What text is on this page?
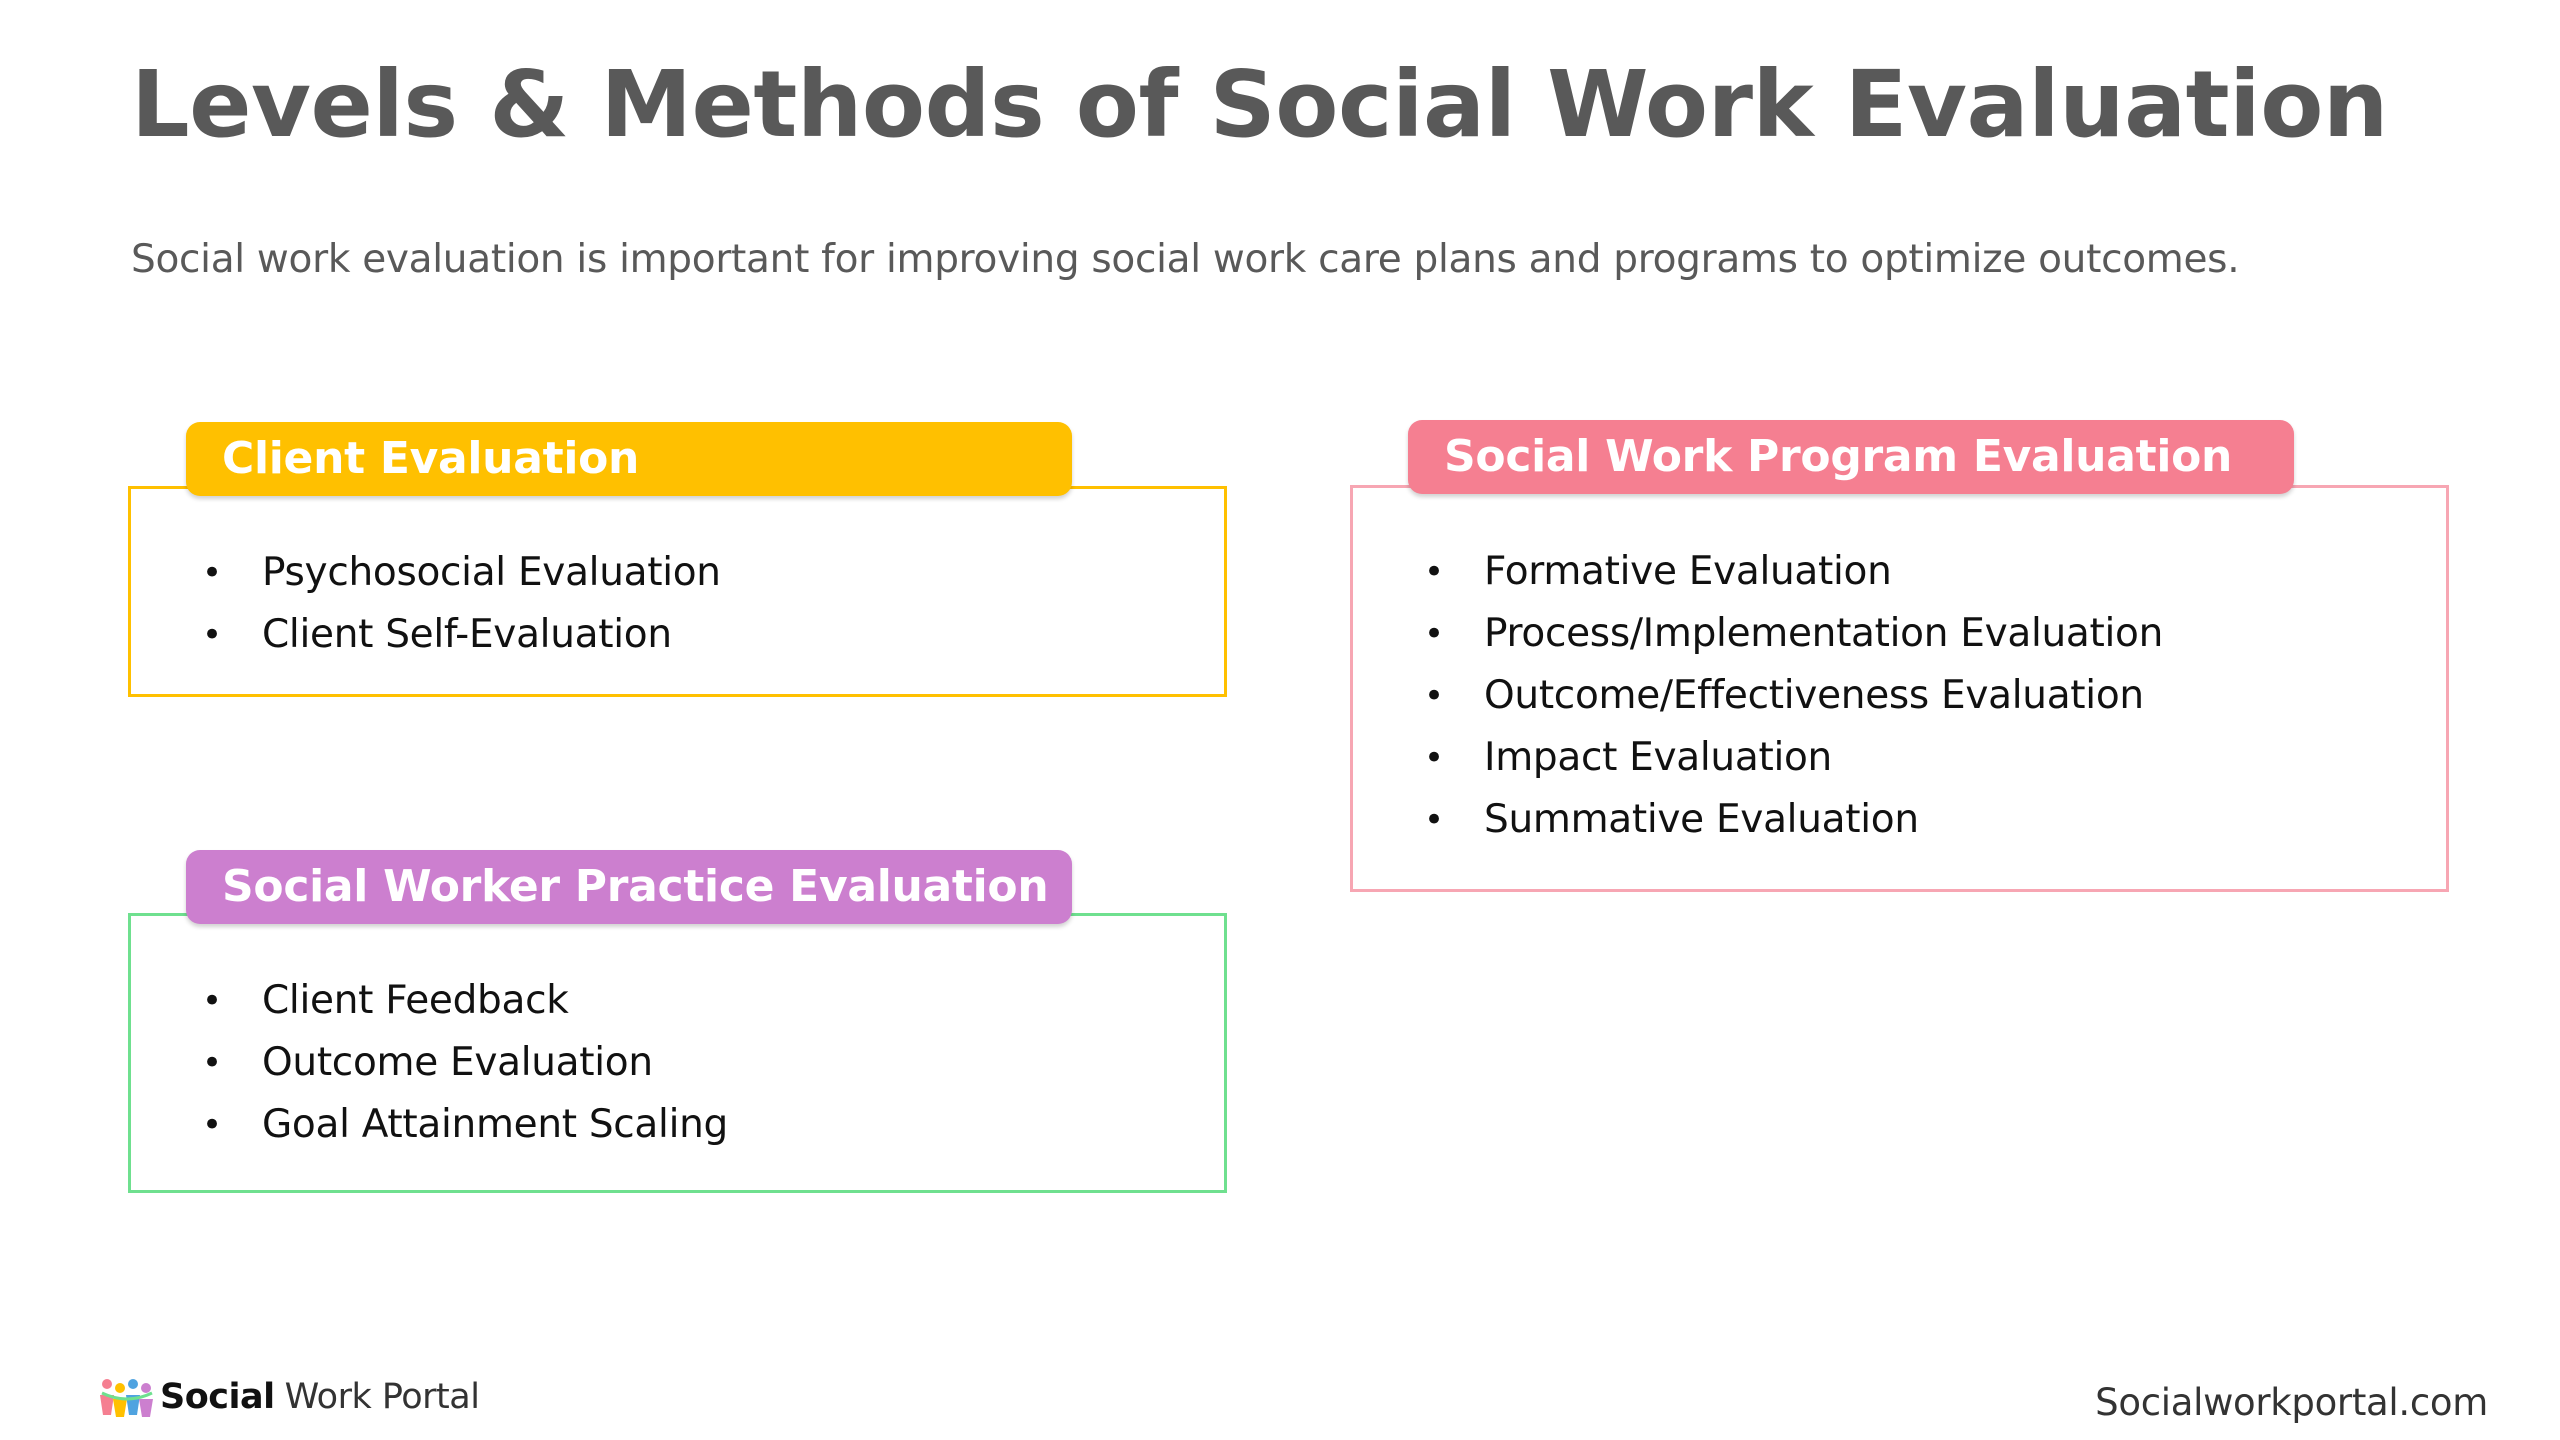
Levels & Methods of Social Work Evaluation

Social work evaluation is important for improving social work care plans and programs to optimize outcomes.

Client Evaluation
• Psychosocial Evaluation
• Client Self-Evaluation
Social Worker Practice Evaluation
• Client Feedback
• Outcome Evaluation
• Goal Attainment Scaling
Social Work Program Evaluation
• Formative Evaluation
• Process/Implementation Evaluation
• Outcome/Effectiveness Evaluation
• Impact Evaluation
• Summative Evaluation
Social Work Portal	Socialworkportal.com
